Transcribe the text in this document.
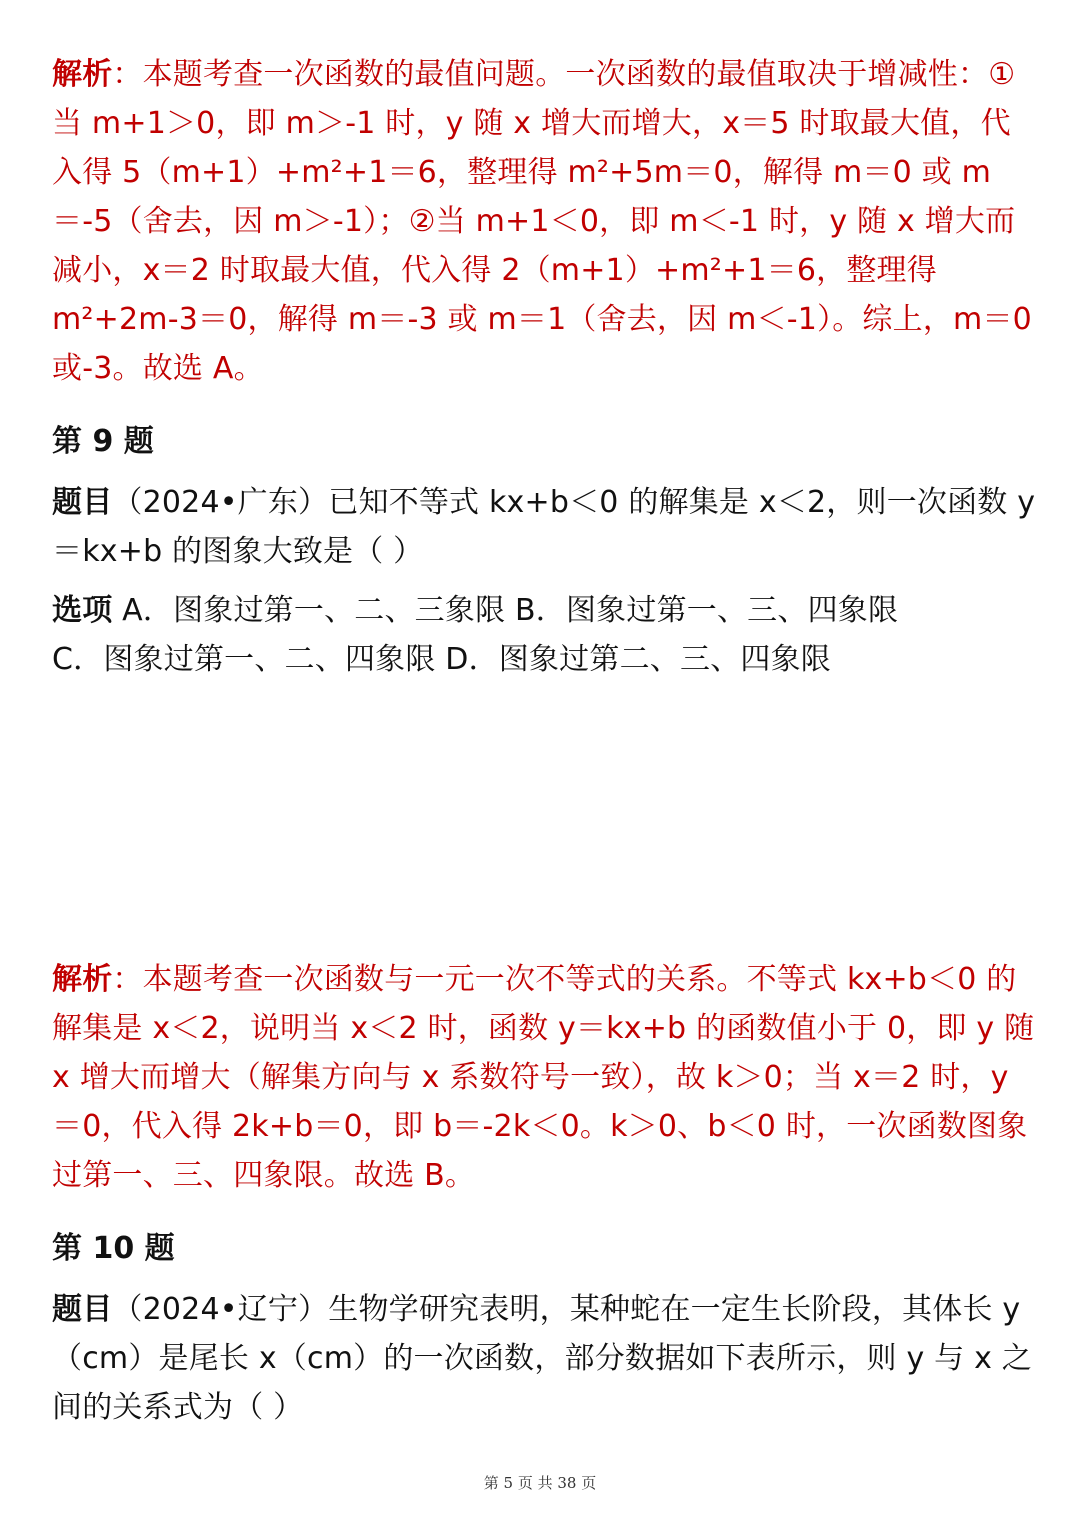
解析：本题考查一次函数的最值问题。一次函数的最值取决于增减性：①当 m+1＞0，即 m＞-1 时，y 随 x 增大而增大，x＝5 时取最大值，代入得 5（m+1）+m²+1＝6，整理得 m²+5m＝0，解得 m＝0 或 m＝-5（舍去，因 m＞-1）；②当 m+1＜0，即 m＜-1 时，y 随 x 增大而减小，x＝2 时取最大值，代入得 2（m+1）+m²+1＝6，整理得 m²+2m-3＝0，解得 m＝-3 或 m＝1（舍去，因 m＜-1）。综上，m＝0 或-3。故选 A。
第 9 题
题目（2024•广东）已知不等式 kx+b＜0 的解集是 x＜2，则一次函数 y＝kx+b 的图象大致是（ ）
选项 A．图象过第一、二、三象限 B．图象过第一、三、四象限
C．图象过第一、二、四象限 D．图象过第二、三、四象限
解析：本题考查一次函数与一元一次不等式的关系。不等式 kx+b＜0 的解集是 x＜2，说明当 x＜2 时，函数 y＝kx+b 的函数值小于 0，即 y 随 x 增大而增大（解集方向与 x 系数符号一致），故 k＞0；当 x＝2 时，y＝0，代入得 2k+b＝0，即 b＝-2k＜0。k＞0、b＜0 时，一次函数图象过第一、三、四象限。故选 B。
第 10 题
题目（2024•辽宁）生物学研究表明，某种蛇在一定生长阶段，其体长 y（cm）是尾长 x（cm）的一次函数，部分数据如下表所示，则 y 与 x 之间的关系式为（ ）
第 5 页 共 38 页
